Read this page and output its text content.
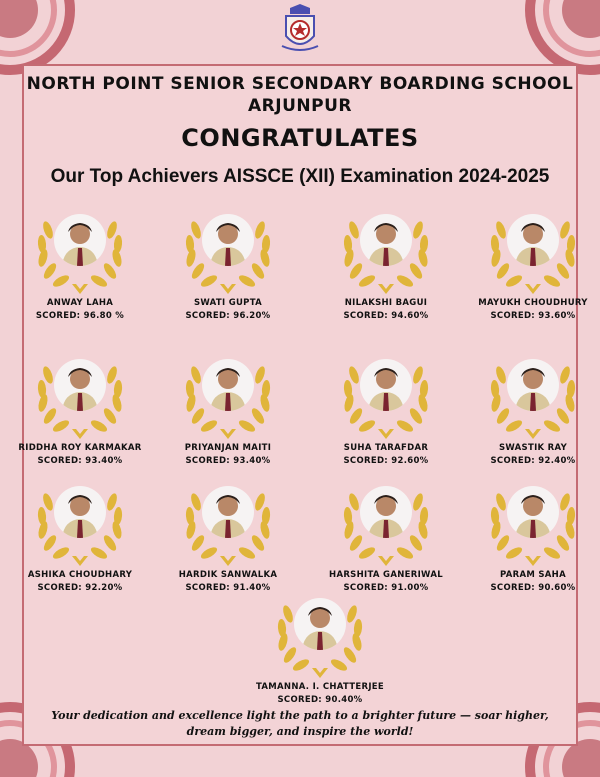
NORTH POINT SENIOR SECONDARY BOARDING SCHOOL
ARJUNPUR
CONGRATULATES
Our Top Achievers AISSCE (XII) Examination 2024-2025
ANWAY LAHA
SCORED: 96.80 %
SWATI GUPTA
SCORED: 96.20%
NILAKSHI BAGUI
SCORED: 94.60%
MAYUKH CHOUDHURY
SCORED: 93.60%
RIDDHA ROY KARMAKAR
SCORED: 93.40%
PRIYANJAN MAITI
SCORED: 93.40%
SUHA TARAFDAR
SCORED: 92.60%
SWASTIK RAY
SCORED: 92.40%
ASHIKA CHOUDHARY
SCORED: 92.20%
HARDIK SANWALKA
SCORED: 91.40%
HARSHITA GANERIWAL
SCORED: 91.00%
PARAM SAHA
SCORED: 90.60%
TAMANNA. I. CHATTERJEE
SCORED: 90.40%
Your dedication and excellence light the path to a brighter future — soar higher, dream bigger, and inspire the world!
